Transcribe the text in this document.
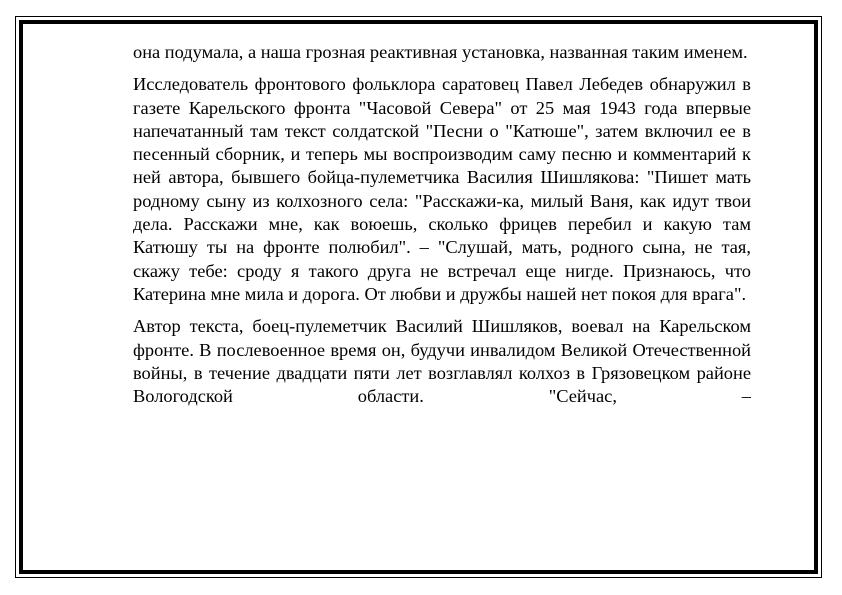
она подумала, а наша грозная реактивная установка, названная таким именем.

Исследователь фронтового фольклора саратовец Павел Лебедев обнаружил в газете Карельского фронта "Часовой Севера" от 25 мая 1943 года впервые напечатанный там текст солдатской "Песни о "Катюше", затем включил ее в песенный сборник, и теперь мы воспроизводим саму песню и комментарий к ней автора, бывшего бойца-пулеметчика Василия Шишлякова: "Пишет мать родному сыну из колхозного села: "Расскажи-ка, милый Ваня, как идут твои дела. Расскажи мне, как воюешь, сколько фрицев перебил и какую там Катюшу ты на фронте полюбил". – "Слушай, мать, родного сына, не тая, скажу тебе: сроду я такого друга не встречал еще нигде. Признаюсь, что Катерина мне мила и дорога. От любви и дружбы нашей нет покоя для врага".

Автор текста, боец-пулеметчик Василий Шишляков, воевал на Карельском фронте. В послевоенное время он, будучи инвалидом Великой Отечественной войны, в течение двадцати пяти лет возглавлял колхоз в Грязовецком районе Вологодской области. "Сейчас, –
